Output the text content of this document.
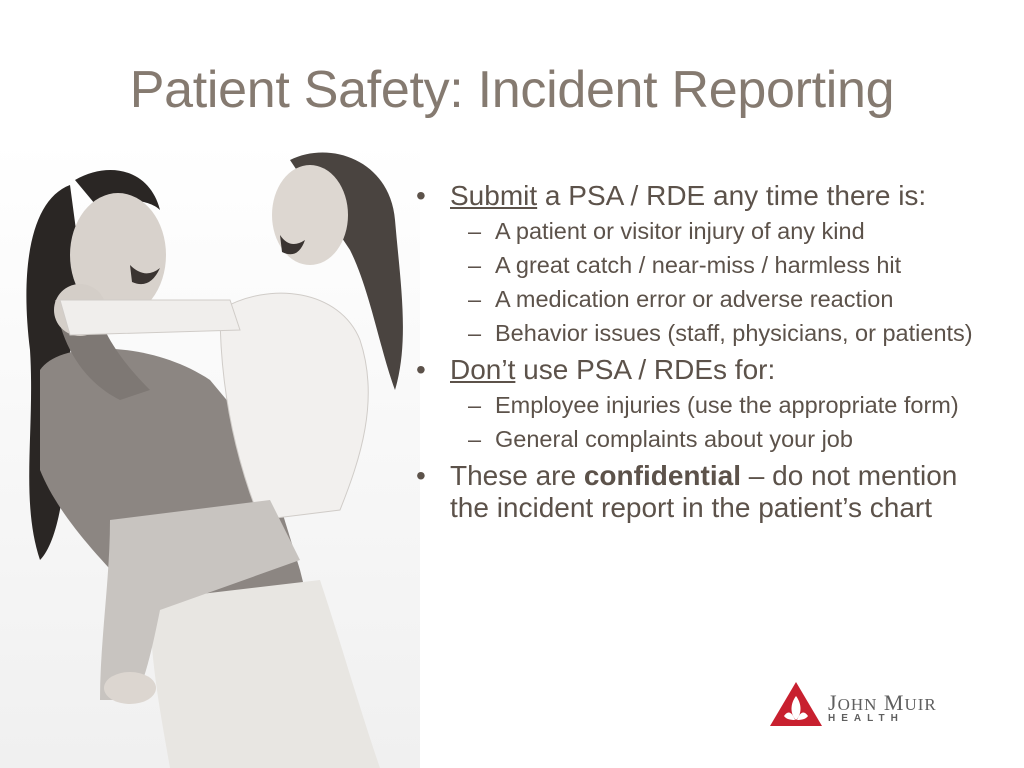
Patient Safety: Incident Reporting
• Submit a PSA / RDE any time there is:
– A patient or visitor injury of any kind
– A great catch / near-miss / harmless hit
– A medication error or adverse reaction
– Behavior issues (staff, physicians, or patients)
• Don’t use PSA / RDEs for:
– Employee injuries (use the appropriate form)
– General complaints about your job
• These are confidential – do not mention the incident report in the patient’s chart
JOHN MUIR
HEALTH
